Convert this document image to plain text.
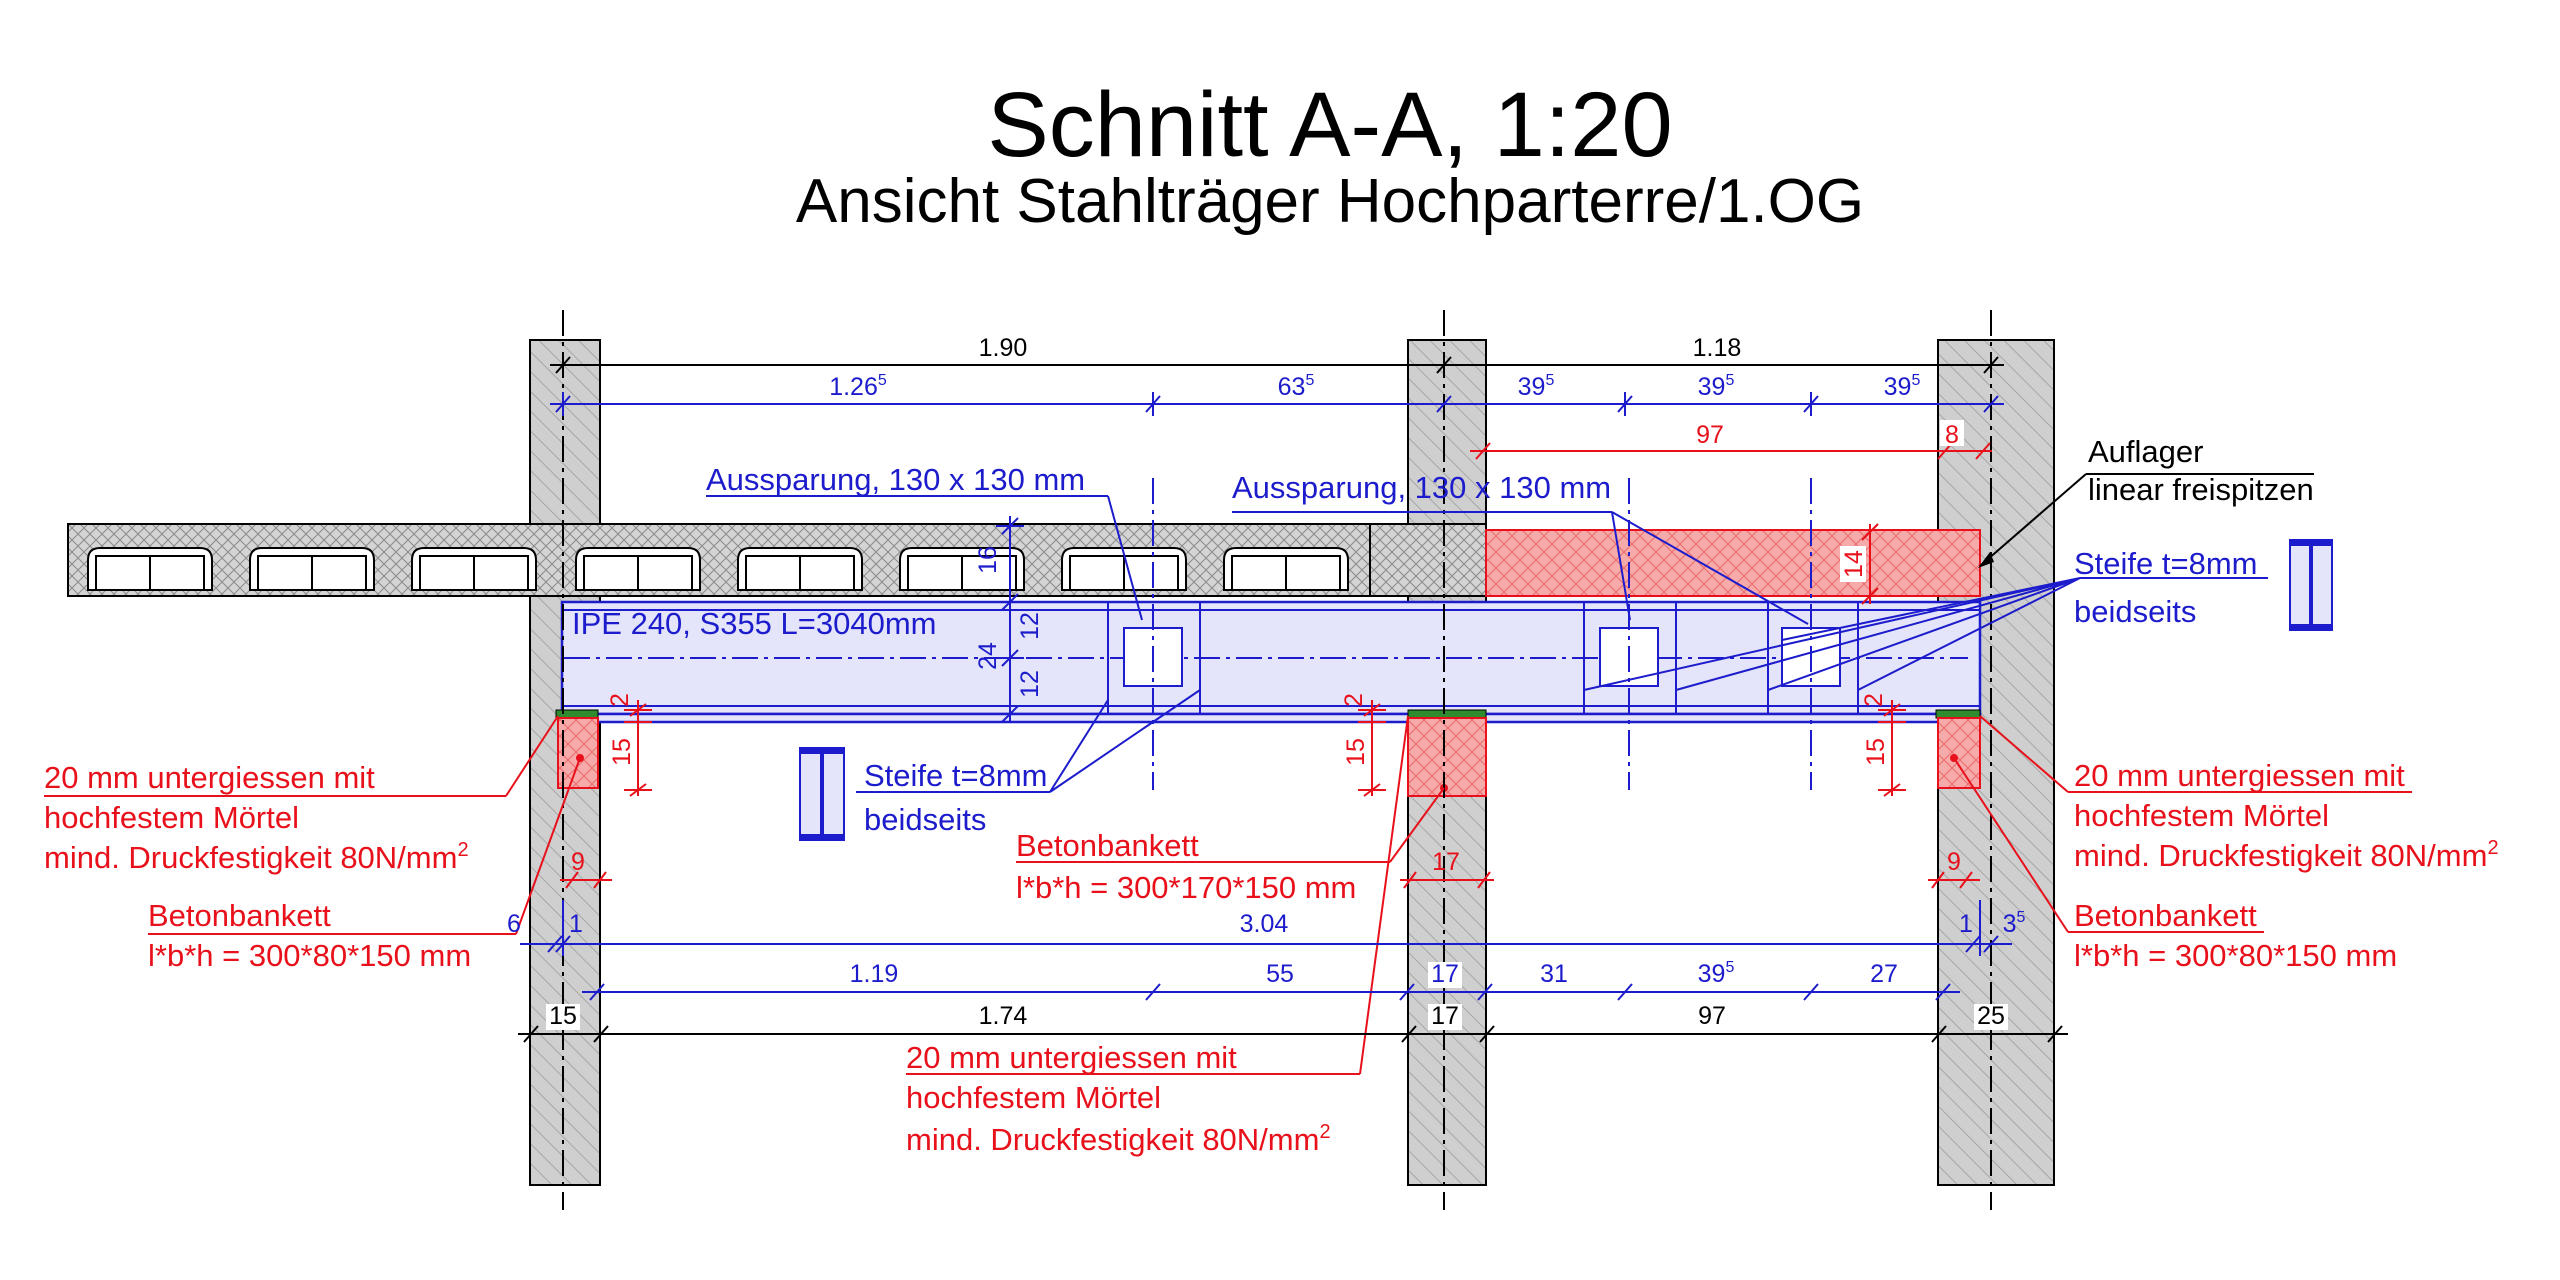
Schnitt A-A, 1:20
Ansicht Stahlträger Hochparterre/1.OG
IPE 240, S355 L=3040mm
1.90	1.18
1.26$^5$	$63^5$	$39^5$	$39^5$	$39^5$
97	8
Aussparung, 130 x 130 mm	Aussparung, 130 x 130 mm
Steife t=8mm
beidseits
Steife t=8mm
beidseits
Auflager
linear freispitzen
16
12
24
12
14
2
15
9
2
15
17
2
15
9
20 mm untergiessen mit
hochfestem Mörtel
mind. Druckfestigkeit $80N/mm^2$
Betonbankett
l*b*h = 300*80*150 mm
Betonbankett
l*b*h = 300*170*150 mm
20 mm untergiessen mit
hochfestem Mörtel
mind. Druckfestigkeit $80N/mm^2$
20 mm untergiessen mit
hochfestem Mörtel
mind. Druckfestigkeit $80N/mm^2$
Betonbankett
l*b*h = 300*80*150 mm
6 1	3.04	1 $3^5$
1.19	55	17	31	$39^5$	27
15	1.74	17	97	25
